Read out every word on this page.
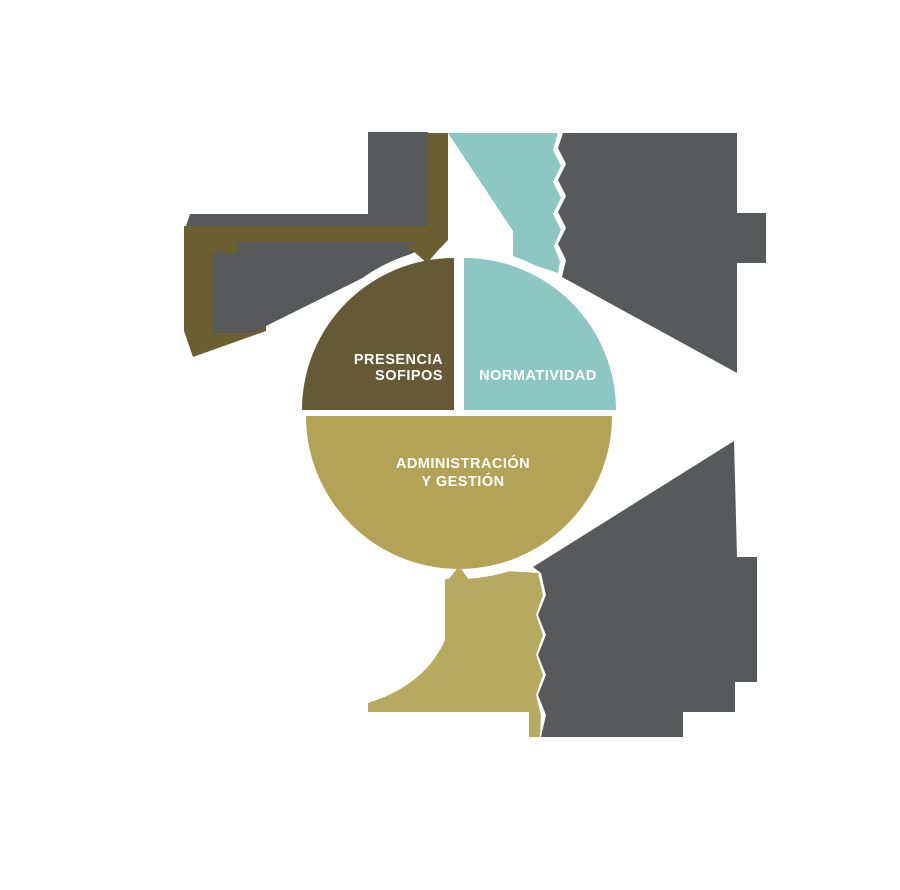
PRESENCIA
SOFIPOS	NORMATIVIDAD
ADMINISTRACIÓN
Y GESTIÓN
